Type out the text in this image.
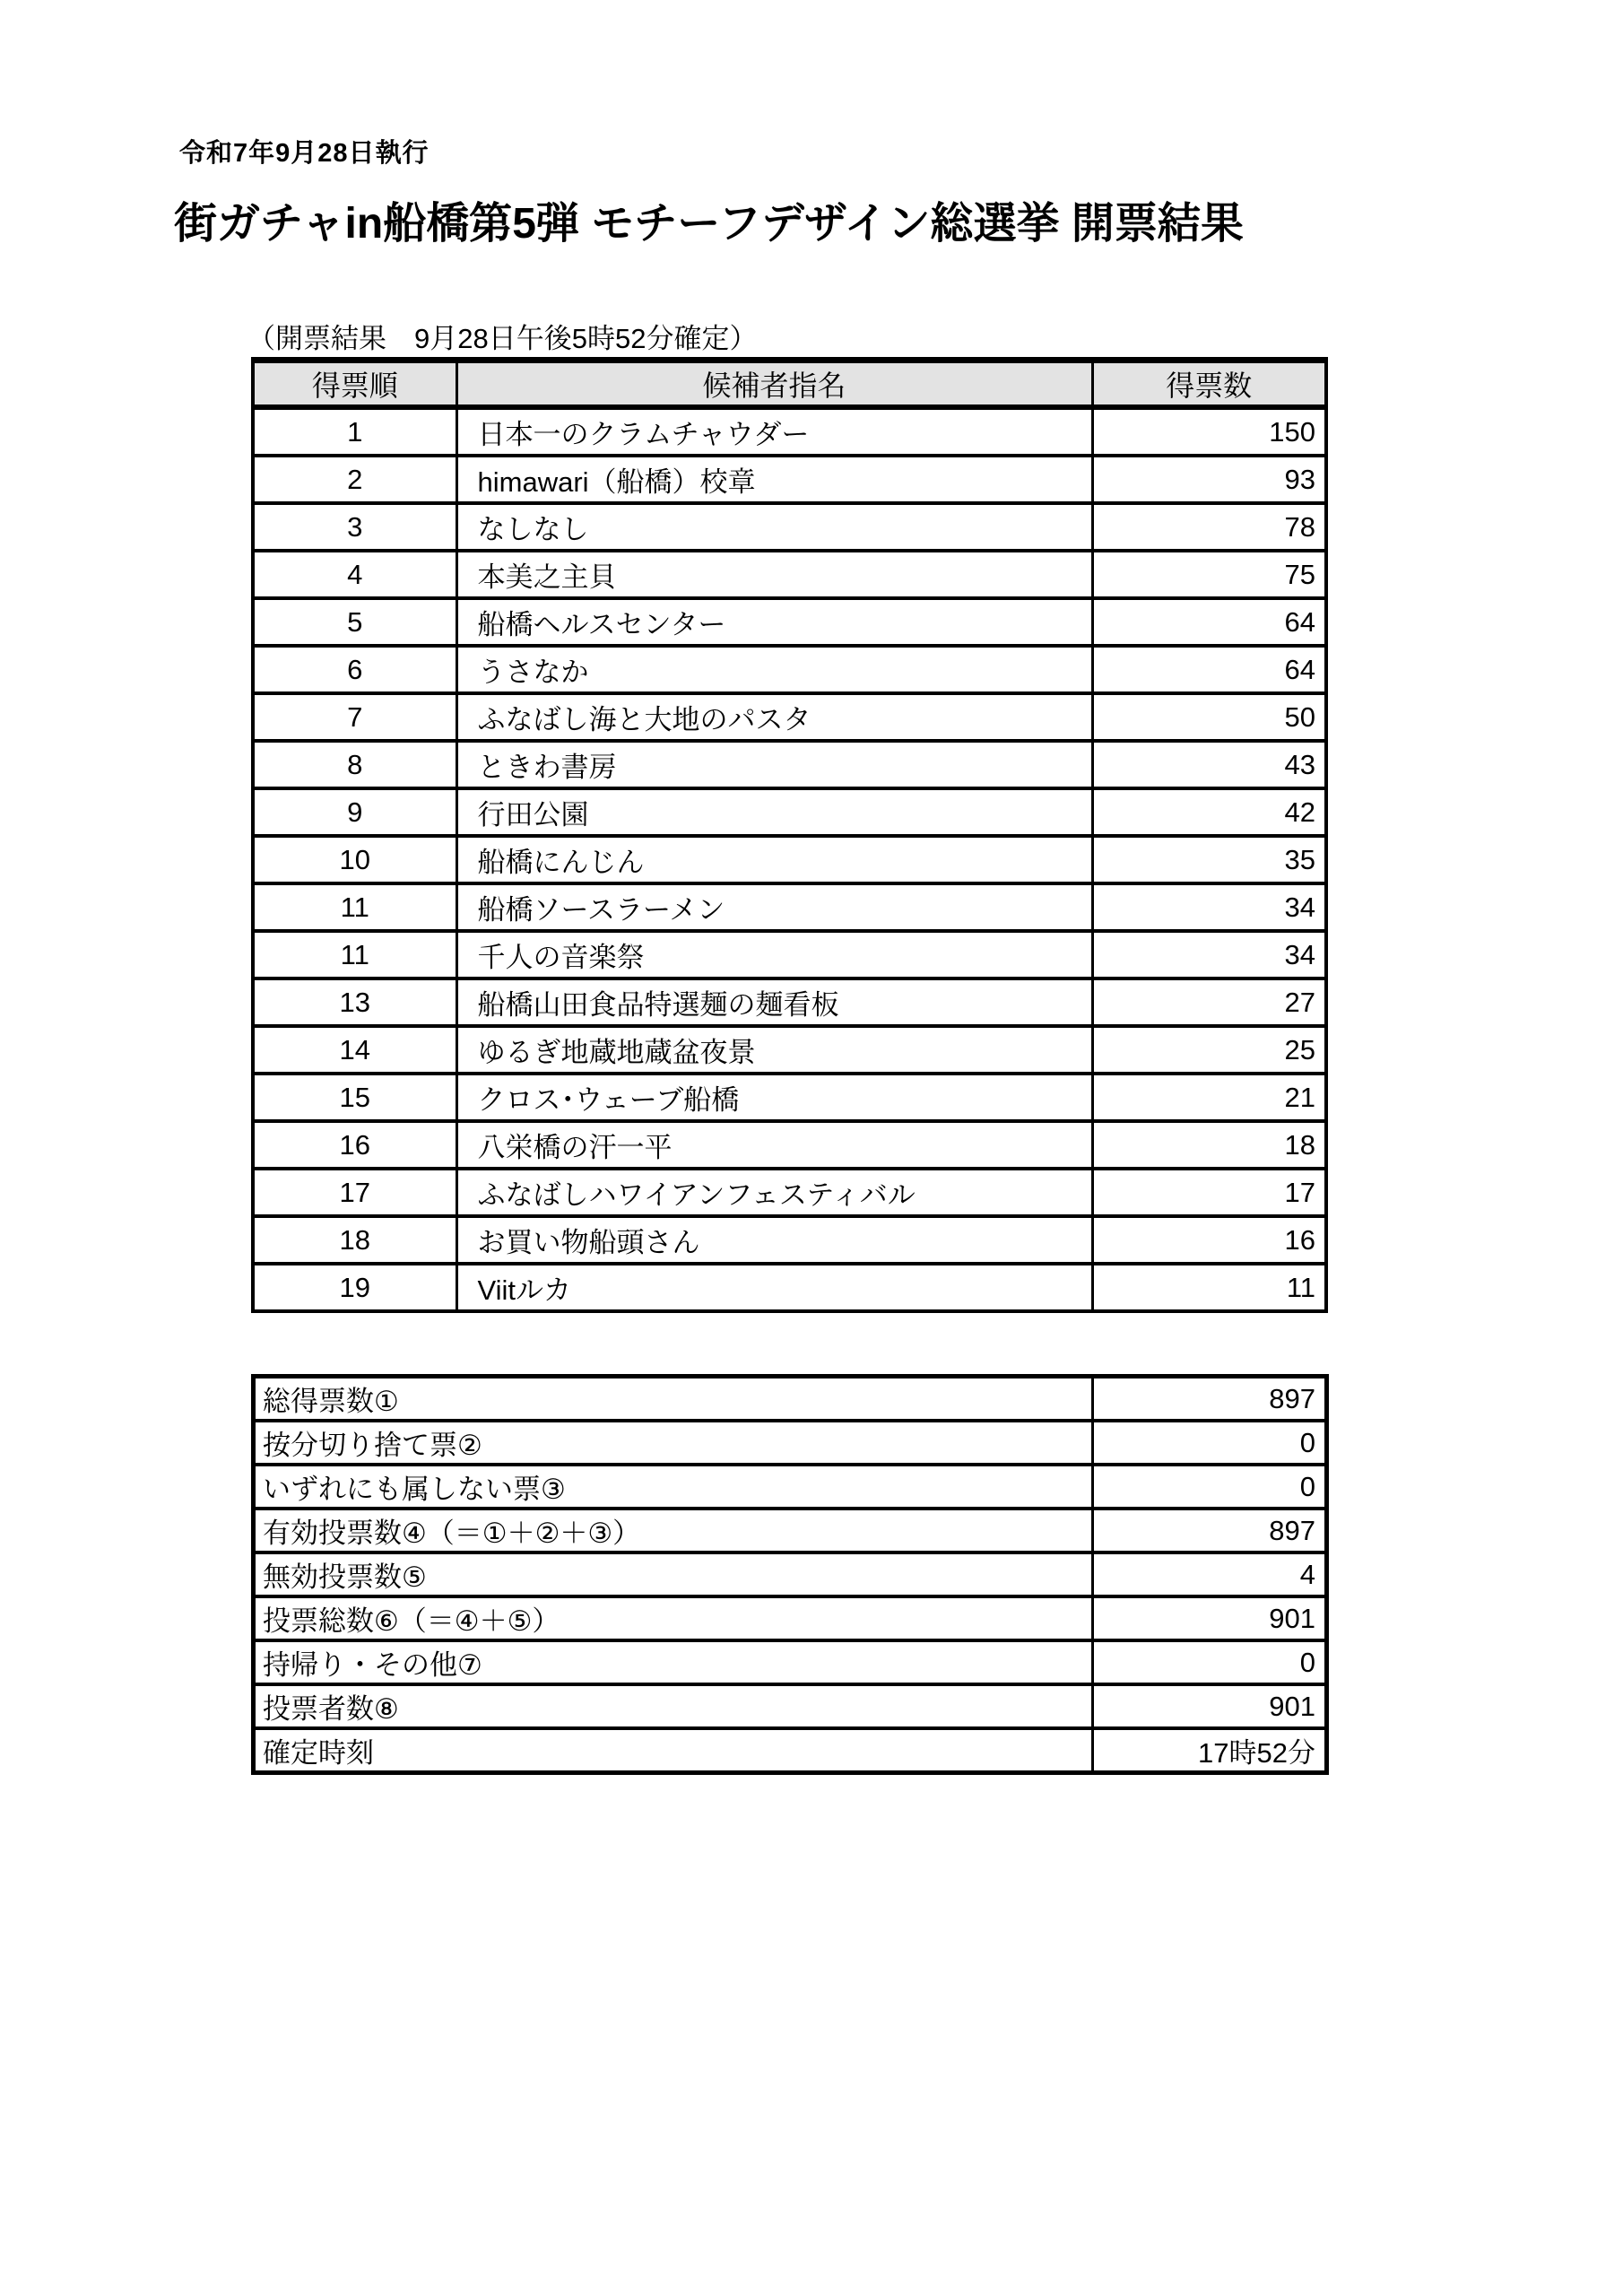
令和7年9月28日執行
街ガチャin船橋第5弾 モチーフデザイン総選挙 開票結果
（開票結果　9月28日午後5時52分確定）
得票順	候補者指名	得票数
1	日本一のクラムチャウダー	150
2	himawari（船橋）校章	93
3	なしなし	78
4	本美之主貝	75
5	船橋ヘルスセンター	64
6	うさなか	64
7	ふなばし海と大地のパスタ	50
8	ときわ書房	43
9	行田公園	42
10	船橋にんじん	35
11	船橋ソースラーメン	34
11	千人の音楽祭	34
13	船橋山田食品特選麺の麺看板	27
14	ゆるぎ地蔵地蔵盆夜景	25
15	クロス･ウェーブ船橋	21
16	八栄橋の汗一平	18
17	ふなばしハワイアンフェスティバル	17
18	お買い物船頭さん	16
19	Viitルカ	11
総得票数①	897
按分切り捨て票②	0
いずれにも属しない票③	0
有効投票数④（＝①＋②＋③）	897
無効投票数⑤	4
投票総数⑥（＝④＋⑤）	901
持帰り・その他⑦	0
投票者数⑧	901
確定時刻	17時52分
